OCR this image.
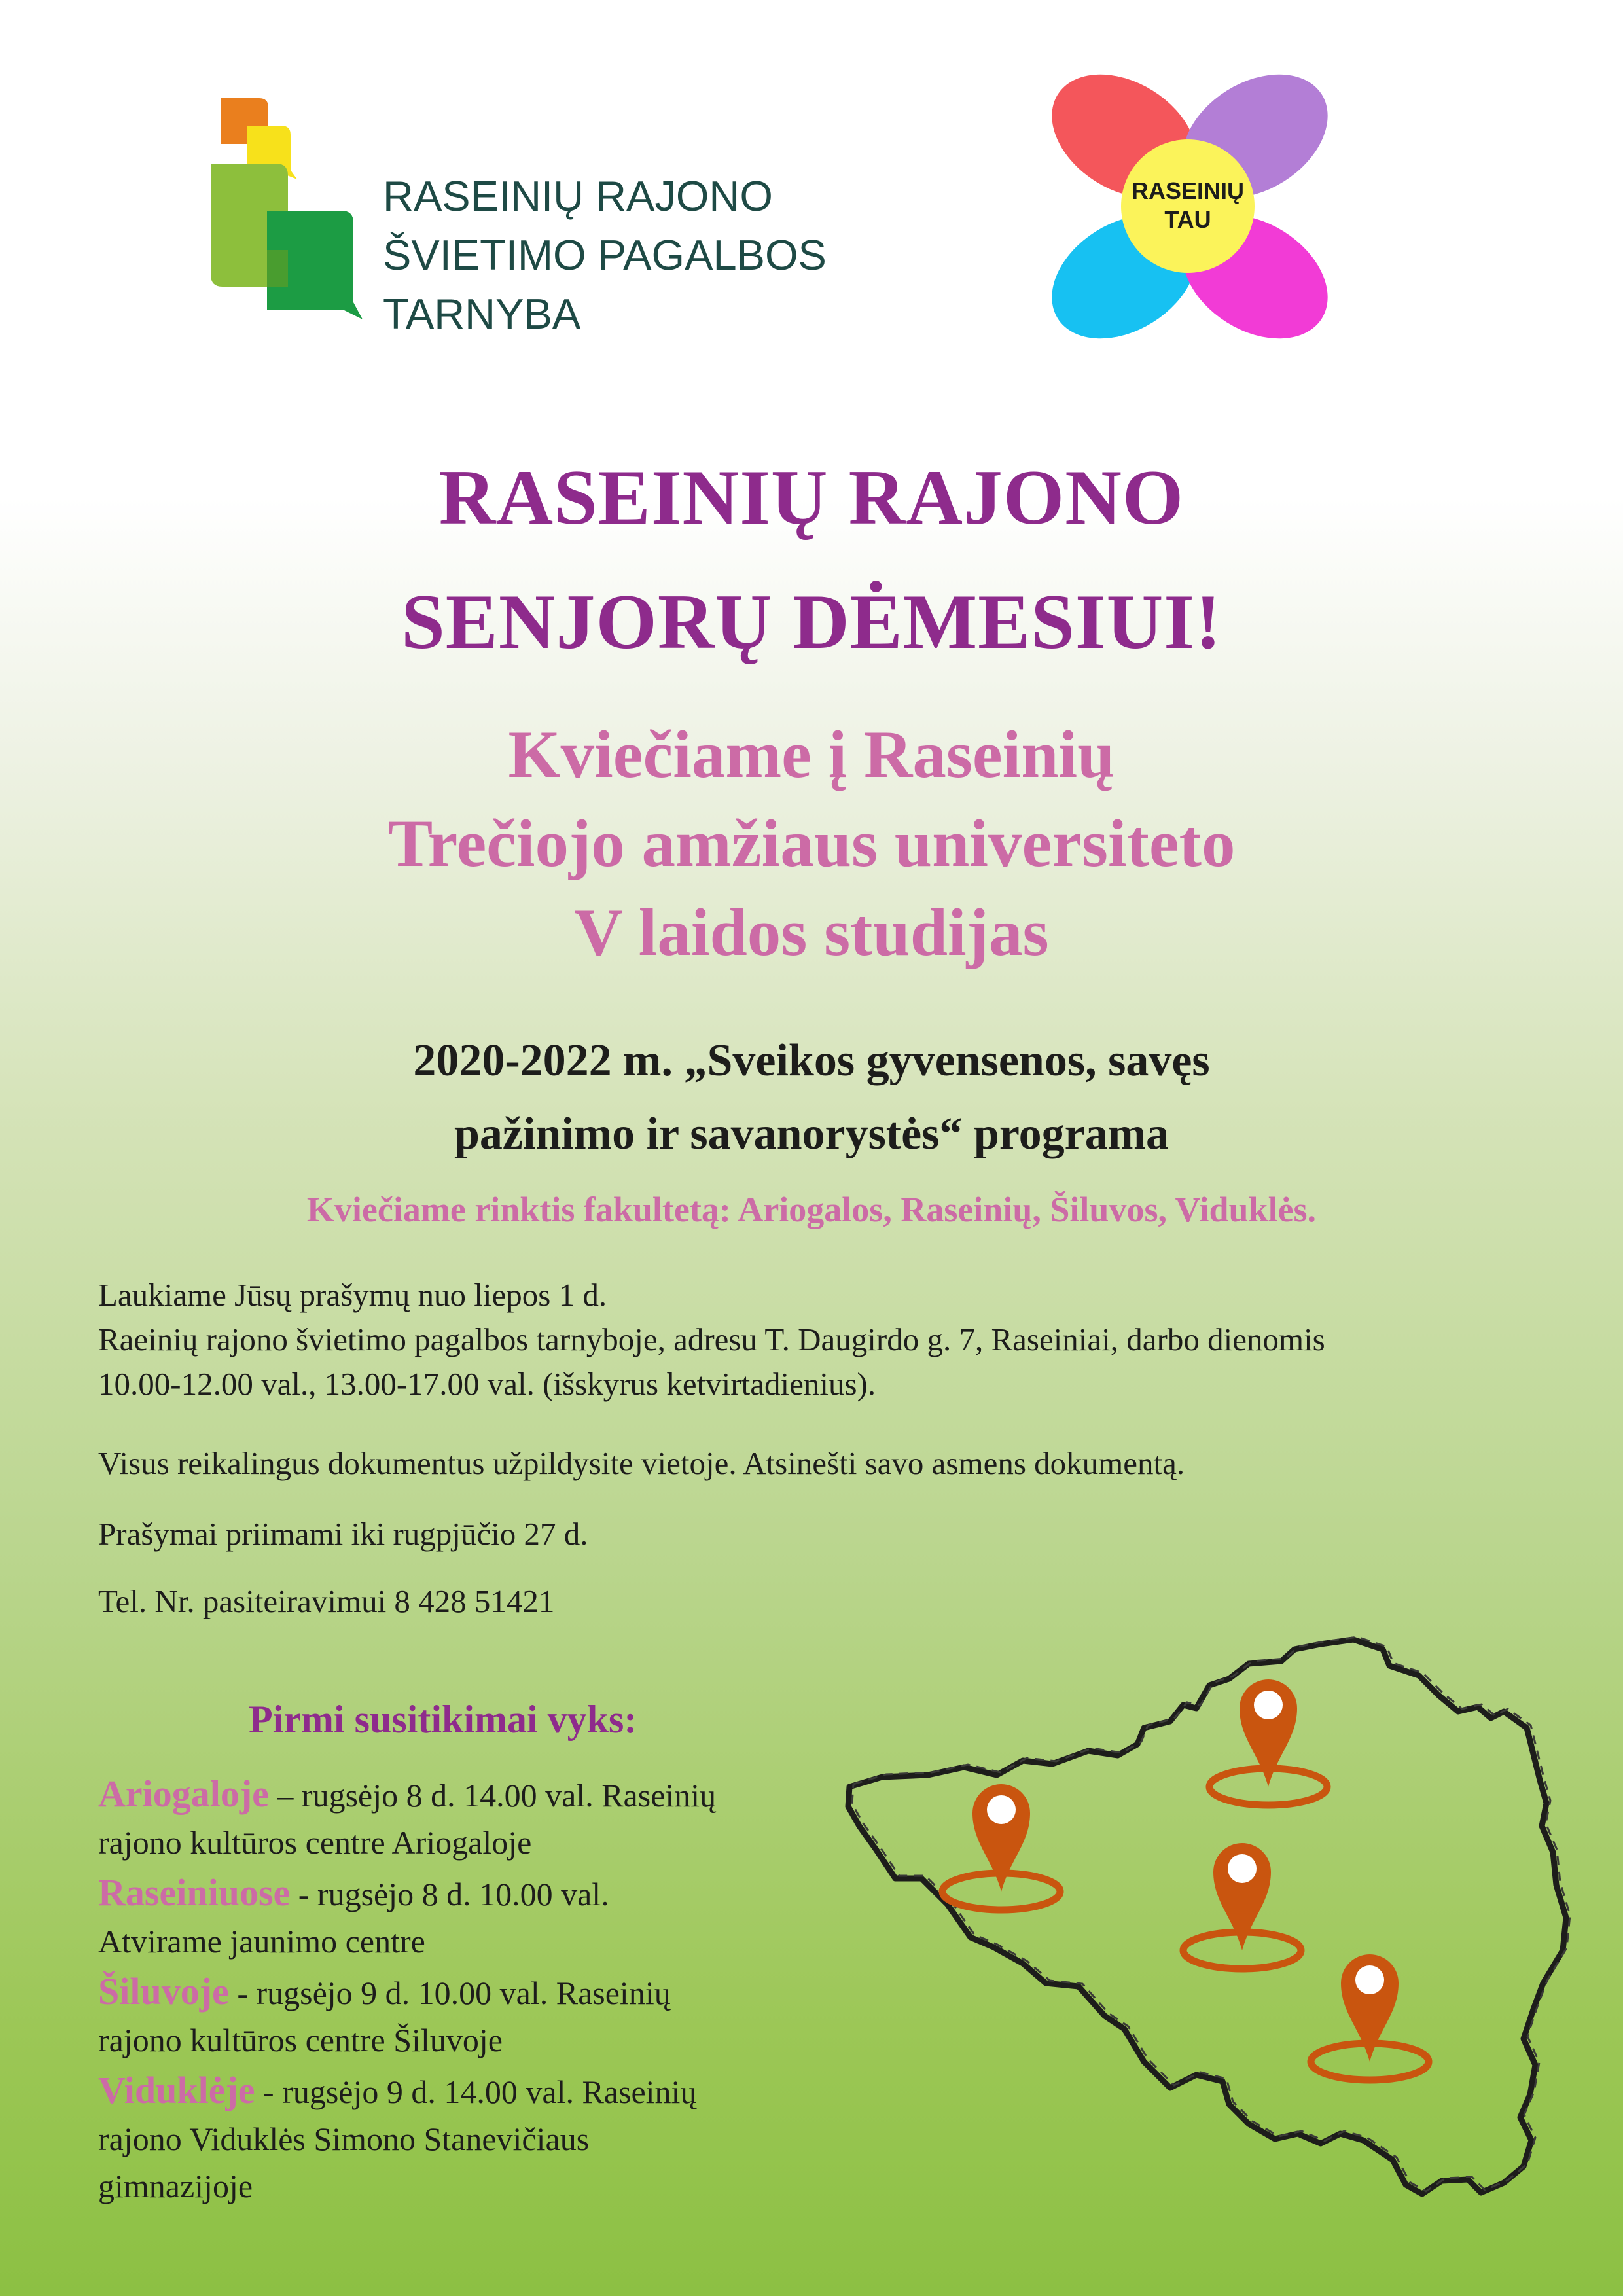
RASEINIŲ RAJONO
ŠVIETIMO PAGALBOS
TARNYBA
RASEINIŲ
TAU
RASEINIŲ RAJONO
SENJORŲ DĖMESIUI!
Kviečiame į Raseinių
Trečiojo amžiaus universiteto
V laidos studijas
2020-2022 m. „Sveikos gyvensenos, savęs
pažinimo ir savanorystės“ programa
Kviečiame rinktis fakultetą: Ariogalos, Raseinių, Šiluvos, Viduklės.
Laukiame Jūsų prašymų nuo liepos 1 d.
Raeinių rajono švietimo pagalbos tarnyboje, adresu T. Daugirdo g. 7, Raseiniai, darbo dienomis
10.00-12.00 val., 13.00-17.00 val. (išskyrus ketvirtadienius).
Visus reikalingus dokumentus užpildysite vietoje. Atsinešti savo asmens dokumentą.
Prašymai priimami iki rugpjūčio 27 d.
Tel. Nr. pasiteiravimui 8 428 51421
Pirmi susitikimai vyks:
Ariogaloje – rugsėjo 8 d. 14.00 val. Raseinių
rajono kultūros centre Ariogaloje
Raseiniuose - rugsėjo 8 d. 10.00 val.
Atvirame jaunimo centre
Šiluvoje - rugsėjo 9 d. 10.00 val. Raseinių
rajono kultūros centre Šiluvoje
Viduklėje - rugsėjo 9 d. 14.00 val. Raseinių
rajono Viduklės Simono Stanevičiaus
gimnazijoje
